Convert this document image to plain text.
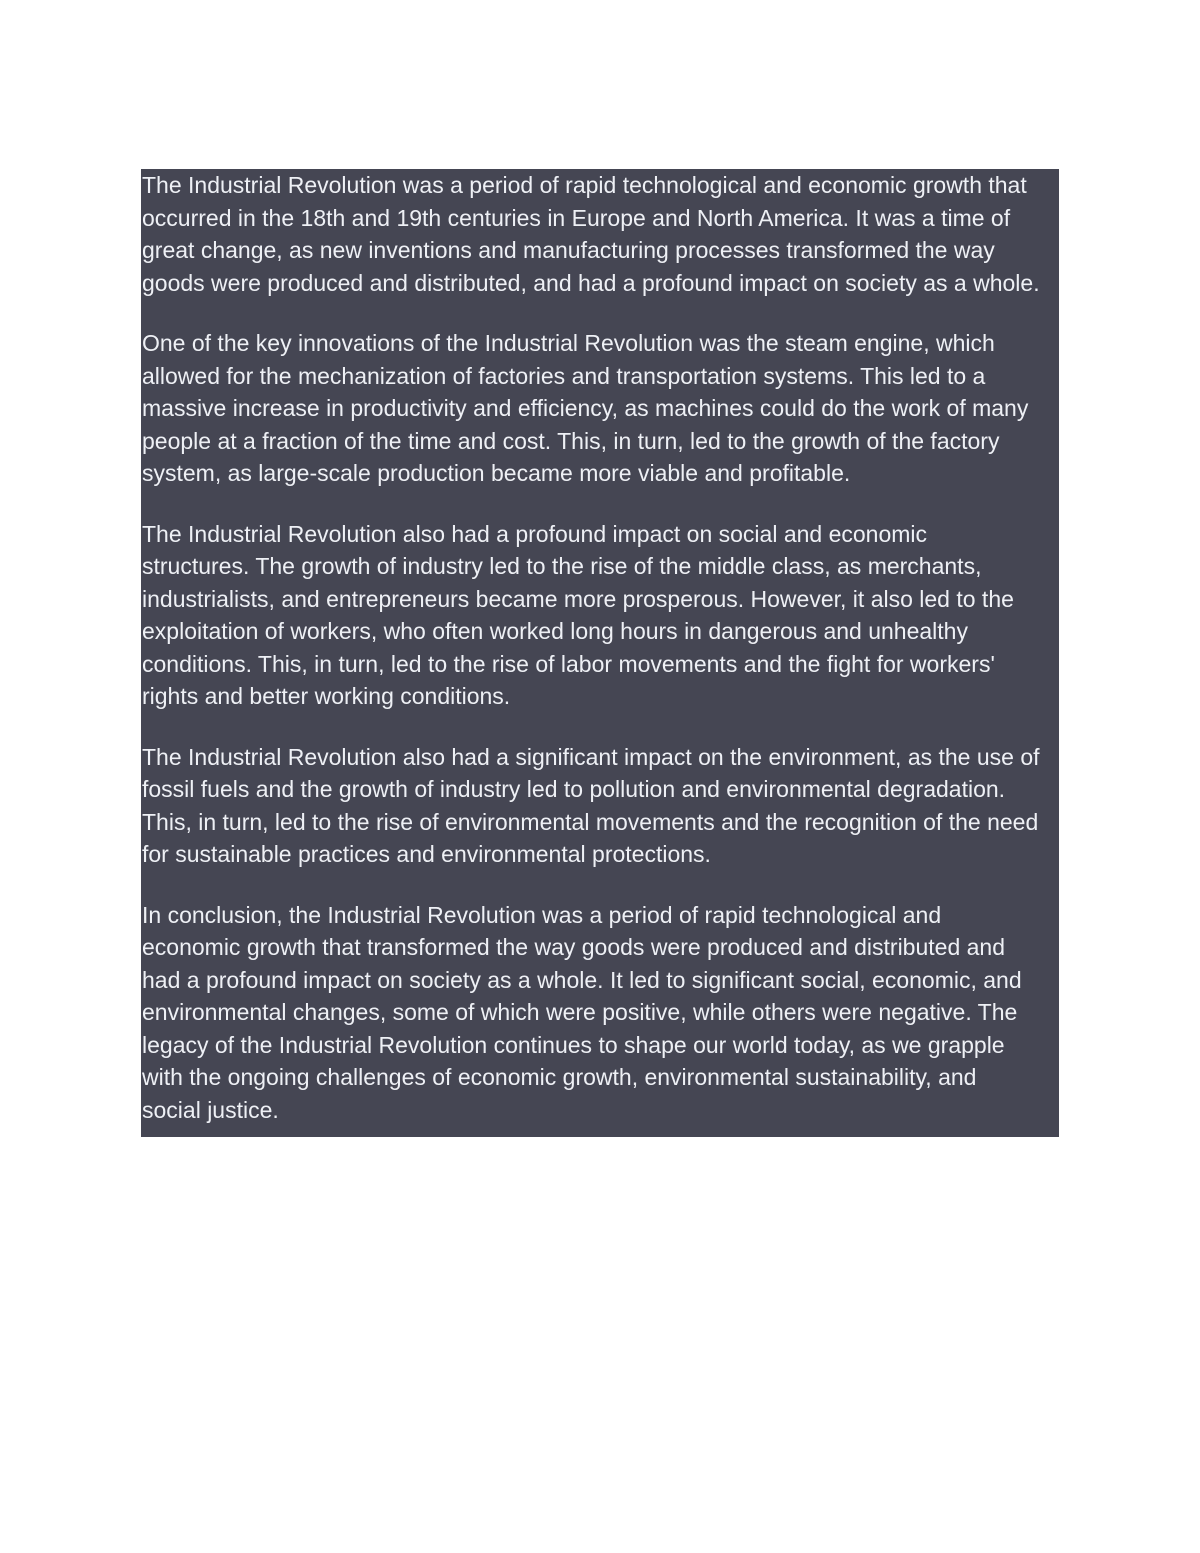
The Industrial Revolution was a period of rapid technological and economic growth that
occurred in the 18th and 19th centuries in Europe and North America. It was a time of
great change, as new inventions and manufacturing processes transformed the way
goods were produced and distributed, and had a profound impact on society as a whole.

One of the key innovations of the Industrial Revolution was the steam engine, which
allowed for the mechanization of factories and transportation systems. This led to a
massive increase in productivity and efficiency, as machines could do the work of many
people at a fraction of the time and cost. This, in turn, led to the growth of the factory
system, as large-scale production became more viable and profitable.

The Industrial Revolution also had a profound impact on social and economic
structures. The growth of industry led to the rise of the middle class, as merchants,
industrialists, and entrepreneurs became more prosperous. However, it also led to the
exploitation of workers, who often worked long hours in dangerous and unhealthy
conditions. This, in turn, led to the rise of labor movements and the fight for workers'
rights and better working conditions.

The Industrial Revolution also had a significant impact on the environment, as the use of
fossil fuels and the growth of industry led to pollution and environmental degradation.
This, in turn, led to the rise of environmental movements and the recognition of the need
for sustainable practices and environmental protections.

In conclusion, the Industrial Revolution was a period of rapid technological and
economic growth that transformed the way goods were produced and distributed and
had a profound impact on society as a whole. It led to significant social, economic, and
environmental changes, some of which were positive, while others were negative. The
legacy of the Industrial Revolution continues to shape our world today, as we grapple
with the ongoing challenges of economic growth, environmental sustainability, and
social justice.
